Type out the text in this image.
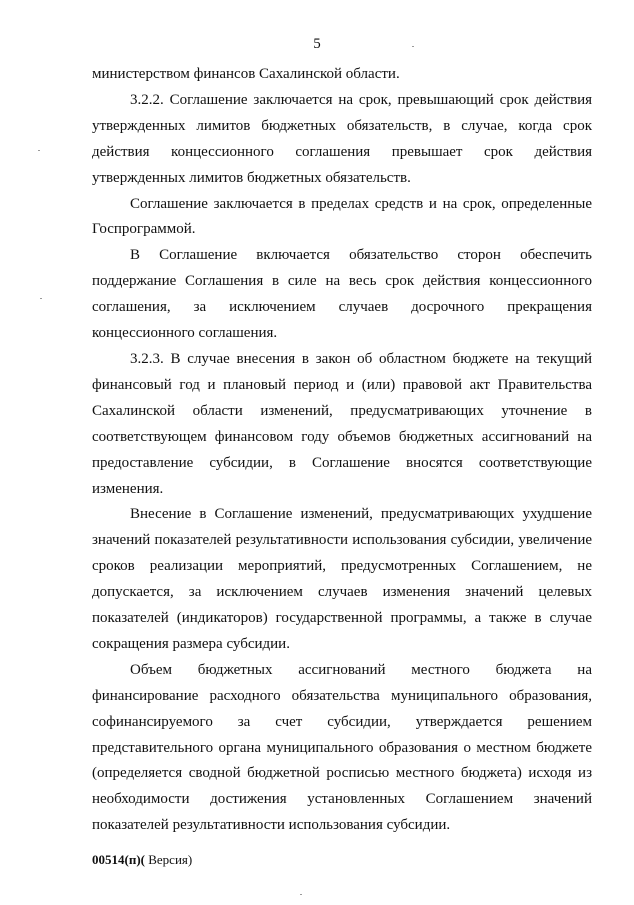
5

министерством финансов Сахалинской области.

3.2.2. Соглашение заключается на срок, превышающий срок действия утвержденных лимитов бюджетных обязательств, в случае, когда срок действия концессионного соглашения превышает срок действия утвержденных лимитов бюджетных обязательств.

Соглашение заключается в пределах средств и на срок, определенные Госпрограммой.

В Соглашение включается обязательство сторон обеспечить поддержание Соглашения в силе на весь срок действия концессионного соглашения, за исключением случаев досрочного прекращения концессионного соглашения.

3.2.3. В случае внесения в закон об областном бюджете на текущий финансовый год и плановый период и (или) правовой акт Правительства Сахалинской области изменений, предусматривающих уточнение в соответствующем финансовом году объемов бюджетных ассигнований на предоставление субсидии, в Соглашение вносятся соответствующие изменения.

Внесение в Соглашение изменений, предусматривающих ухудшение значений показателей результативности использования субсидии, увеличение сроков реализации мероприятий, предусмотренных Соглашением, не допускается, за исключением случаев изменения значений целевых показателей (индикаторов) государственной программы, а также в случае сокращения размера субсидии.

Объем бюджетных ассигнований местного бюджета на финансирование расходного обязательства муниципального образования, софинансируемого за счет субсидии, утверждается решением представительного органа муниципального образования о местном бюджете (определяется сводной бюджетной росписью местного бюджета) исходя из необходимости достижения установленных Соглашением значений показателей результативности использования субсидии.

00514(п)( Версия)
